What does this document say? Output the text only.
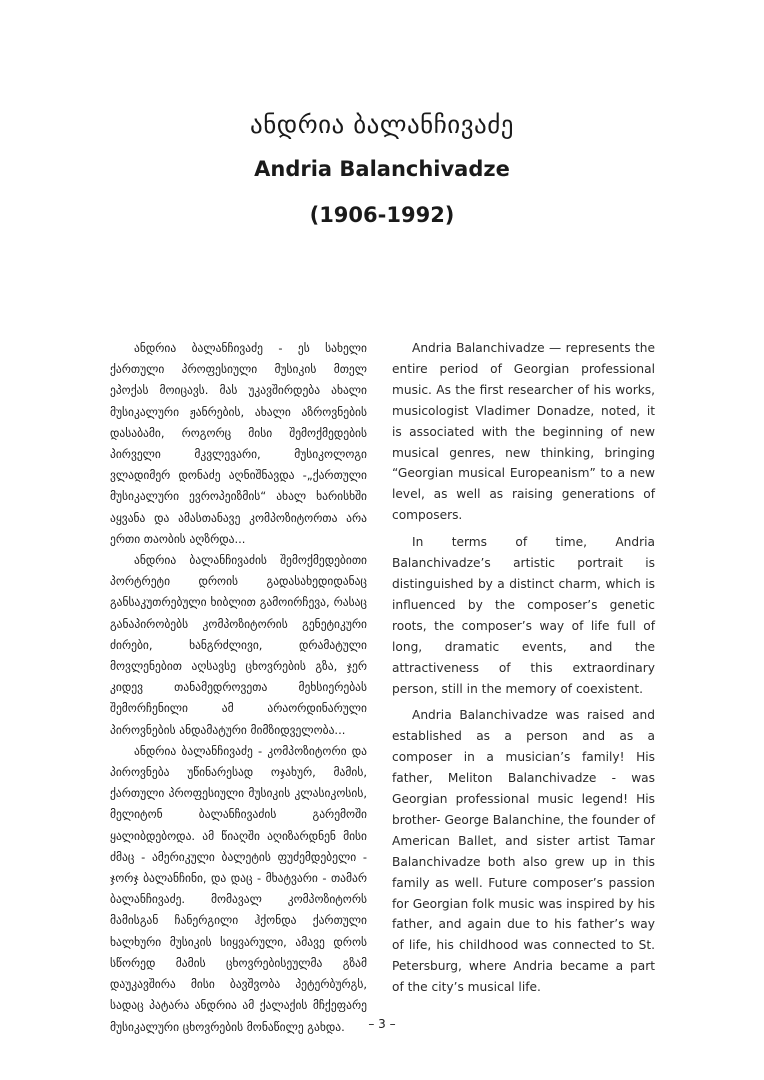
ანდრია ბალანჩივაძე
Andria Balanchivadze
(1906-1992)

ანდრია ბალანჩივაძე - ეს სახელი ქართული პროფესიული მუსიკის მთელ ეპოქას მოიცავს. მას უკავშირდება ახალი მუსიკალური ჟანრების, ახალი აზროვნების დასაბამი, როგორც მისი შემოქმედების პირველი მკვლევარი, მუსიკოლოგი ვლადიმერ დონაძე აღნიშნავდა -„ქართული მუსიკალური ევროპეიზმის“ ახალ ხარისხში აყვანა და ამასთანავე კომპოზიტორთა არა ერთი თაობის აღზრდა...

ანდრია ბალანჩივაძის შემოქმედებითი პორტრეტი დროის გადასახედიდანაც განსაკუთრებული ხიბლით გამოირჩევა, რასაც განაპირობებს კომპოზიტორის გენეტიკური ძირები, ხანგრძლივი, დრამატული მოვლენებით აღსავსე ცხოვრების გზა, ჯერ კიდევ თანამედროვეთა მეხსიერებას შემორჩენილი ამ არაორდინარული პიროვნების ანდამატური მიმზიდველობა...

ანდრია ბალანჩივაძე - კომპოზიტორი და პიროვნება უწინარესად ოჯახურ, მამის, ქართული პროფესიული მუსიკის კლასიკოსის, მელიტონ ბალანჩივაძის გარემოში ყალიბდებოდა. ამ წიაღში აღიზარდნენ მისი ძმაც - ამერიკული ბალეტის ფუძემდებელი - ჯორჯ ბალანჩინი, და დაც - მხატვარი - თამარ ბალანჩივაძე. მომავალ კომპოზიტორს მამისგან ჩანერგილი ჰქონდა ქართული ხალხური მუსიკის სიყვარული, ამავე დროს სწორედ მამის ცხოვრებისეულმა გზამ დაუკავშირა მისი ბავშვობა პეტერბურგს, სადაც პატარა ანდრია ამ ქალაქის მჩქეფარე მუსიკალური ცხოვრების მონაწილე გახდა.

Andria Balanchivadze — represents the entire period of Georgian professional music. As the first researcher of his works, musicologist Vladimer Donadze, noted, it is associated with the beginning of new musical genres, new thinking, bringing “Georgian musical Europeanism” to a new level, as well as raising generations of composers.

In terms of time, Andria Balanchivadze’s artistic portrait is distinguished by a distinct charm, which is influenced by the composer’s genetic roots, the composer’s way of life full of long, dramatic events, and the attractiveness of this extraordinary person, still in the memory of coexistent.

Andria Balanchivadze was raised and established as a person and as a composer in a musician’s family! His father, Meliton Balanchivadze - was Georgian professional music legend! His brother- George Balanchine, the founder of American Ballet, and sister artist Tamar Balanchivadze both also grew up in this family as well. Future composer’s passion for Georgian folk music was inspired by his father, and again due to his father’s way of life, his childhood was connected to St. Petersburg, where Andria became a part of the city’s musical life.

– 3 –
